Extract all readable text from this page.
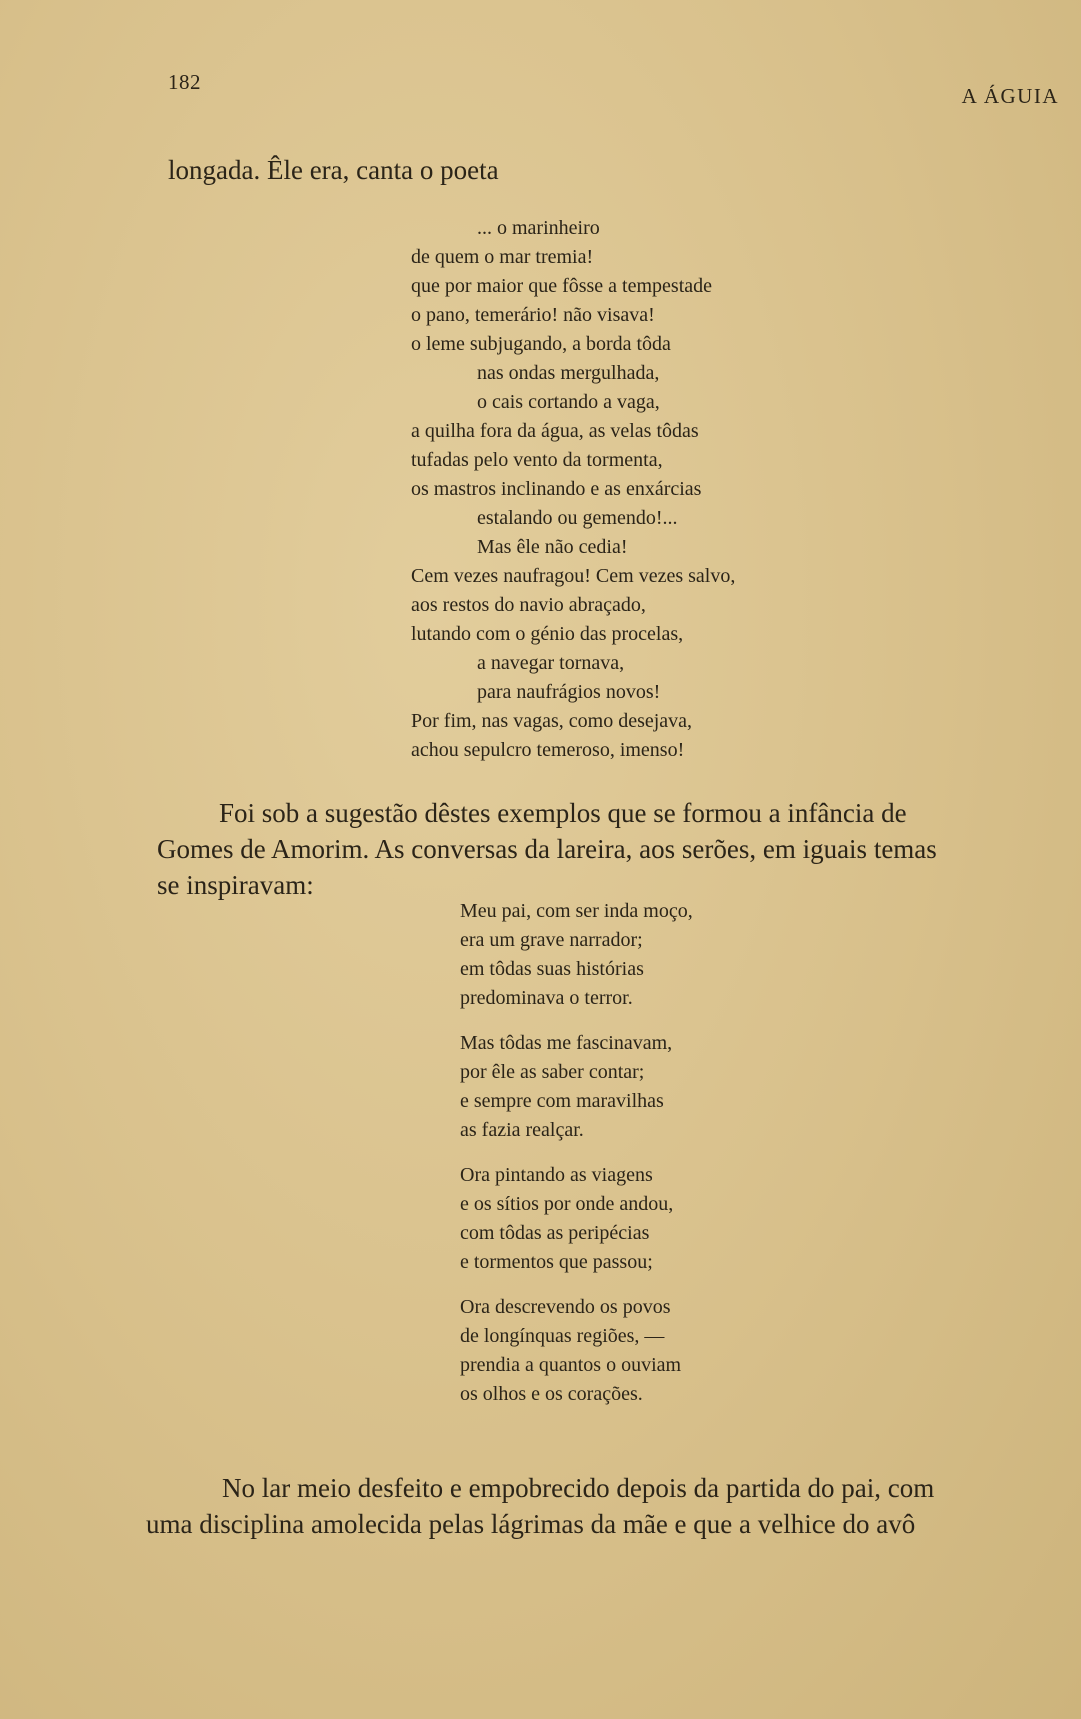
182
A ÁGUIA
longada. Êle era, canta o poeta
... o marinheiro
de quem o mar tremia!
que por maior que fôsse a tempestade
o pano, temerário! não visava!
o leme subjugando, a borda tôda
nas ondas mergulhada,
o cais cortando a vaga,
a quilha fora da água, as velas tôdas
tufadas pelo vento da tormenta,
os mastros inclinando e as enxárcias
estalando ou gemendo!...
Mas êle não cedia!
Cem vezes naufragou! Cem vezes salvo,
aos restos do navio abraçado,
lutando com o génio das procelas,
a navegar tornava,
para naufrágios novos!
Por fim, nas vagas, como desejava,
achou sepulcro temeroso, imenso!
Foi sob a sugestão dêstes exemplos que se formou a infância de
Gomes de Amorim. As conversas da lareira, aos serões, em iguais temas
se inspiravam:
Meu pai, com ser inda moço,
era um grave narrador;
em tôdas suas histórias
predominava o terror.
Mas tôdas me fascinavam,
por êle as saber contar;
e sempre com maravilhas
as fazia realçar.
Ora pintando as viagens
e os sítios por onde andou,
com tôdas as peripécias
e tormentos que passou;
Ora descrevendo os povos
de longínquas regiões, —
prendia a quantos o ouviam
os olhos e os corações.
No lar meio desfeito e empobrecido depois da partida do pai, com
uma disciplina amolecida pelas lágrimas da mãe e que a velhice do avô
